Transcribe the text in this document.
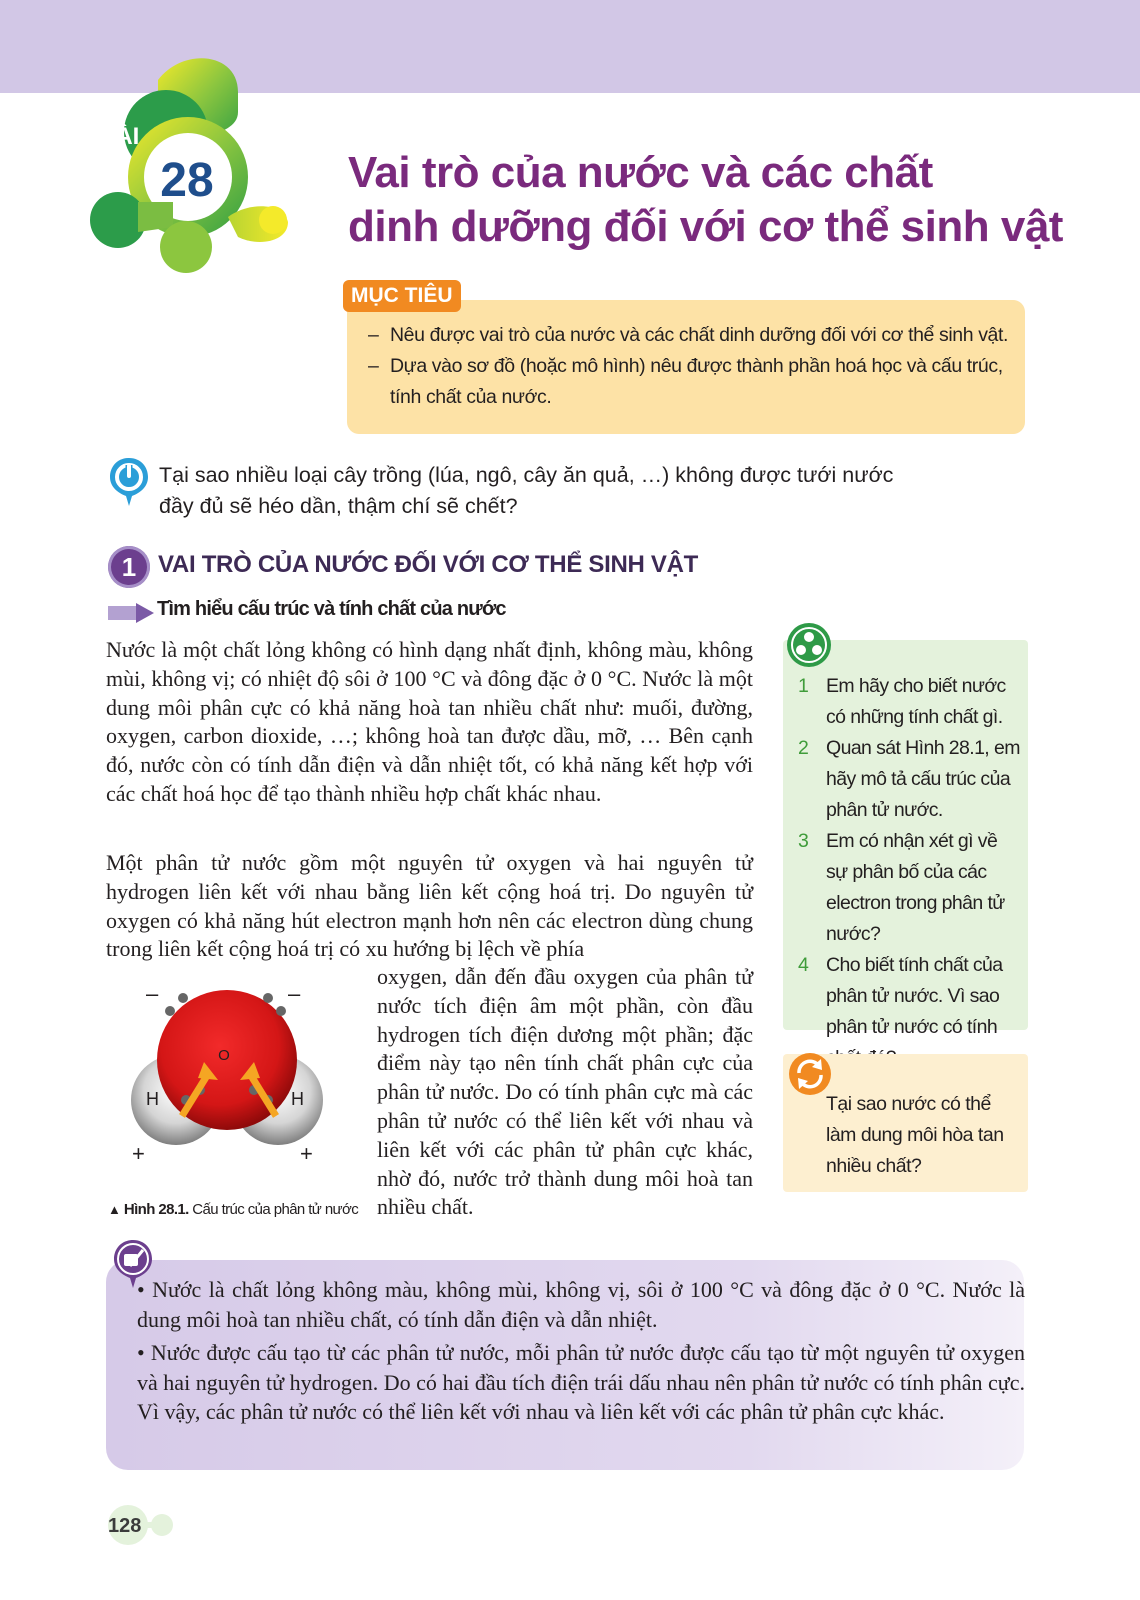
BÀI
28	Vai trò của nước và các chất
dinh dưỡng đối với cơ thể sinh vật
MỤC TIÊU
– Nêu được vai trò của nước và các chất dinh dưỡng đối với cơ thể sinh vật.
– Dựa vào sơ đồ (hoặc mô hình) nêu được thành phần hoá học và cấu trúc, tính chất của nước.
Tại sao nhiều loại cây trồng (lúa, ngô, cây ăn quả, …) không được tưới nước đầy đủ sẽ héo dần, thậm chí sẽ chết?
1 VAI TRÒ CỦA NƯỚC ĐỐI VỚI CƠ THỂ SINH VẬT
Tìm hiểu cấu trúc và tính chất của nước
Nước là một chất lỏng không có hình dạng nhất định, không màu, không mùi, không vị; có nhiệt độ sôi ở 100 °C và đông đặc ở 0 °C. Nước là một dung môi phân cực có khả năng hoà tan nhiều chất như: muối, đường, oxygen, carbon dioxide, …; không hoà tan được dầu, mỡ, … Bên cạnh đó, nước còn có tính dẫn điện và dẫn nhiệt tốt, có khả năng kết hợp với các chất hoá học để tạo thành nhiều hợp chất khác nhau.
Một phân tử nước gồm một nguyên tử oxygen và hai nguyên tử hydrogen liên kết với nhau bằng liên kết cộng hoá trị. Do nguyên tử oxygen có khả năng hút electron mạnh hơn nên các electron dùng chung trong liên kết cộng hoá trị có xu hướng bị lệch về phía
oxygen, dẫn đến đầu oxygen của phân tử nước tích điện âm một phần, còn đầu hydrogen tích điện dương một phần; đặc điểm này tạo nên tính chất phân cực của phân tử nước. Do có tính phân cực mà các phân tử nước có thể liên kết với nhau và liên kết với các phân tử phân cực khác, nhờ đó, nước trở thành dung môi hoà tan nhiều chất.
–	–
+	+
O
H	H
▲ Hình 28.1. Cấu trúc của phân tử nước
1 Em hãy cho biết nước có những tính chất gì.
2 Quan sát Hình 28.1, em hãy mô tả cấu trúc của phân tử nước.
3 Em có nhận xét gì về sự phân bố của các electron trong phân tử nước?
4 Cho biết tính chất của phân tử nước. Vì sao phân tử nước có tính
Tại sao nước có thể làm dung môi hòa tan nhiều chất?

• Nước là chất lỏng không màu, không mùi, không vị, sôi ở 100 °C và đông đặc ở 0 °C. Nước là dung môi hoà tan nhiều chất, có tính dẫn điện và dẫn nhiệt.

• Nước được cấu tạo từ các phân tử nước, mỗi phân tử nước được cấu tạo từ một nguyên tử oxygen và hai nguyên tử hydrogen. Do có hai đầu tích điện trái dấu nhau nên phân tử nước có tính phân cực. Vì vậy, các phân tử nước có thể liên kết với nhau và liên kết với các phân tử phân cực khác.

128
